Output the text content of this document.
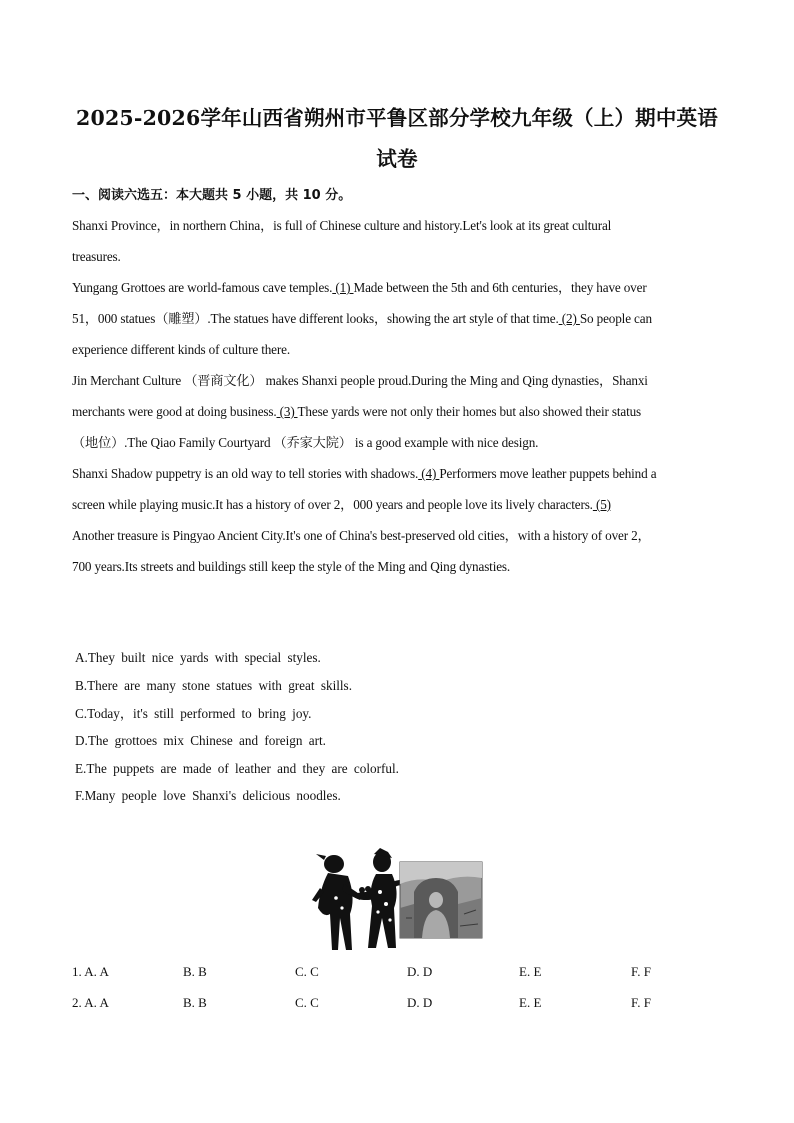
2025-2026学年山西省朔州市平鲁区部分学校九年级（上）期中英语
试卷
一、阅读六选五：本大题共 5 小题，共 10 分。
Shanxi Province，in northern China，is full of Chinese culture and history.Let's look at its great cultural
treasures.
Yungang Grottoes are world-famous cave temples. (1) Made between the 5th and 6th centuries，they have over
51，000 statues（雕塑）.The statues have different looks，showing the art style of that time. (2) So people can
experience different kinds of culture there.
Jin Merchant Culture （晋商文化） makes Shanxi people proud.During the Ming and Qing dynasties，Shanxi
merchants were good at doing business. (3) These yards were not only their homes but also showed their status
（地位）.The Qiao Family Courtyard （乔家大院） is a good example with nice design.
Shanxi Shadow puppetry is an old way to tell stories with shadows. (4) Performers move leather puppets behind a
screen while playing music.It has a history of over 2，000 years and people love its lively characters. (5)
Another treasure is Pingyao Ancient City.It's one of China's best-preserved old cities，with a history of over 2，
700 years.Its streets and buildings still keep the style of the Ming and Qing dynasties.
A.They built nice yards with special styles.
B.There are many stone statues with great skills.
C.Today，it's still performed to bring joy.
D.The grottoes mix Chinese and foreign art.
E.The puppets are made of leather and they are colorful.
F.Many people love Shanxi's delicious noodles.
1. A. A	B. B	C. C	D. D	E. E	F. F
2. A. A	B. B	C. C	D. D	E. E	F. F
